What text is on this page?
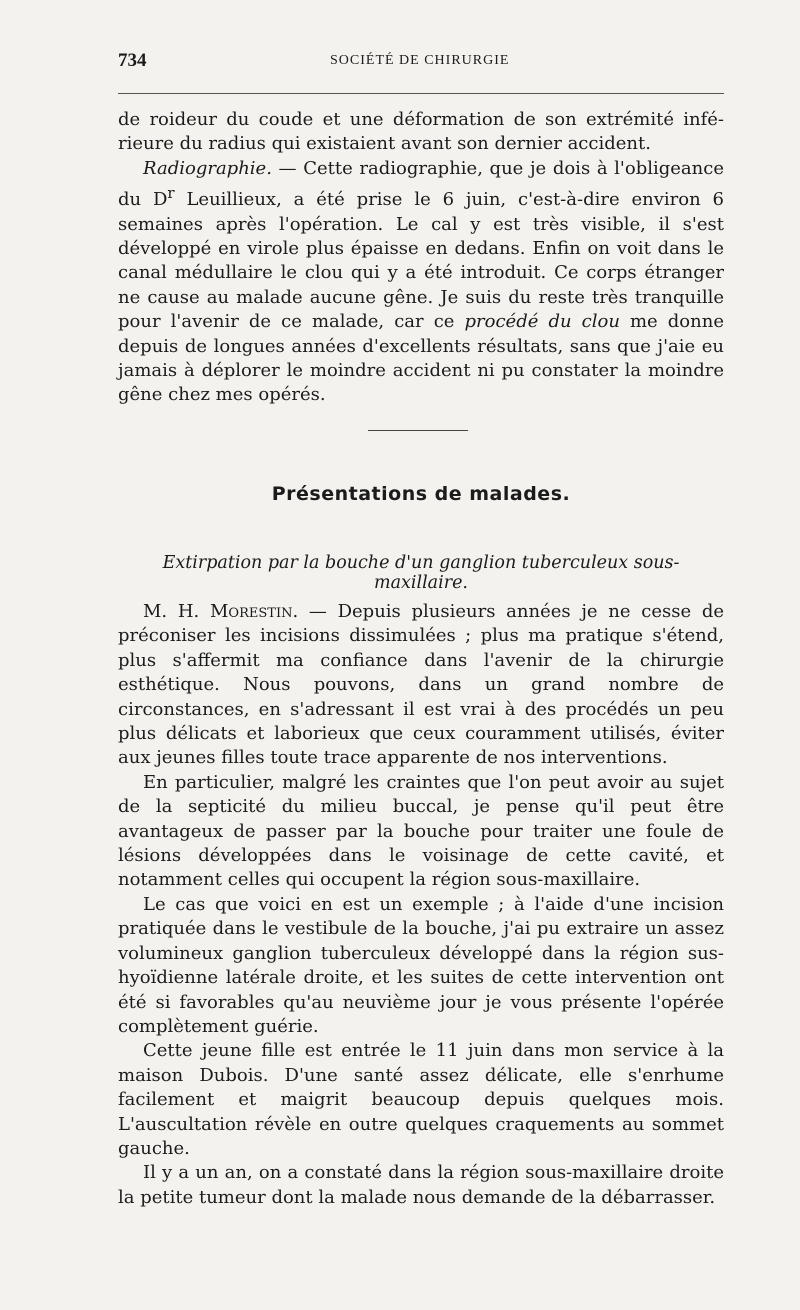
734	SOCIÉTÉ DE CHIRURGIE

de roideur du coude et une déformation de son extrémité infé- rieure du radius qui existaient avant son dernier accident.

Radiographie. — Cette radiographie, que je dois à l'obligeance du $D^r$ Leuillieux, a été prise le 6 juin, c'est-à-dire environ 6 semaines après l'opération. Le cal y est très visible, il s'est développé en virole plus épaisse en dedans. Enfin on voit dans le canal médullaire le clou qui y a été introduit. Ce corps étranger ne cause au malade aucune gêne. Je suis du reste très tranquille pour l'avenir de ce malade, car ce procédé du clou me donne depuis de longues années d'excellents résultats, sans que j'aie eu jamais à déplorer le moindre accident ni pu constater la moindre gêne chez mes opérés.

Présentations de malades.
Extirpation par la bouche d'un ganglion tuberculeux sous-maxillaire.

M. H. Morestin. — Depuis plusieurs années je ne cesse de préconiser les incisions dissimulées ; plus ma pratique s'étend, plus s'affermit ma confiance dans l'avenir de la chirurgie esthétique. Nous pouvons, dans un grand nombre de circonstances, en s'adressant il est vrai à des procédés un peu plus délicats et laborieux que ceux couramment utilisés, éviter aux jeunes filles toute trace apparente de nos interventions.

En particulier, malgré les craintes que l'on peut avoir au sujet de la septicité du milieu buccal, je pense qu'il peut être avantageux de passer par la bouche pour traiter une foule de lésions développées dans le voisinage de cette cavité, et notamment celles qui occupent la région sous-maxillaire.

Le cas que voici en est un exemple ; à l'aide d'une incision pratiquée dans le vestibule de la bouche, j'ai pu extraire un assez volumineux ganglion tuberculeux développé dans la région sus-hyoïdienne latérale droite, et les suites de cette intervention ont été si favorables qu'au neuvième jour je vous présente l'opérée complètement guérie.

Cette jeune fille est entrée le 11 juin dans mon service à la maison Dubois. D'une santé assez délicate, elle s'enrhume facilement et maigrit beaucoup depuis quelques mois. L'auscultation révèle en outre quelques craquements au sommet gauche.

Il y a un an, on a constaté dans la région sous-maxillaire droite la petite tumeur dont la malade nous demande de la débarrasser.
